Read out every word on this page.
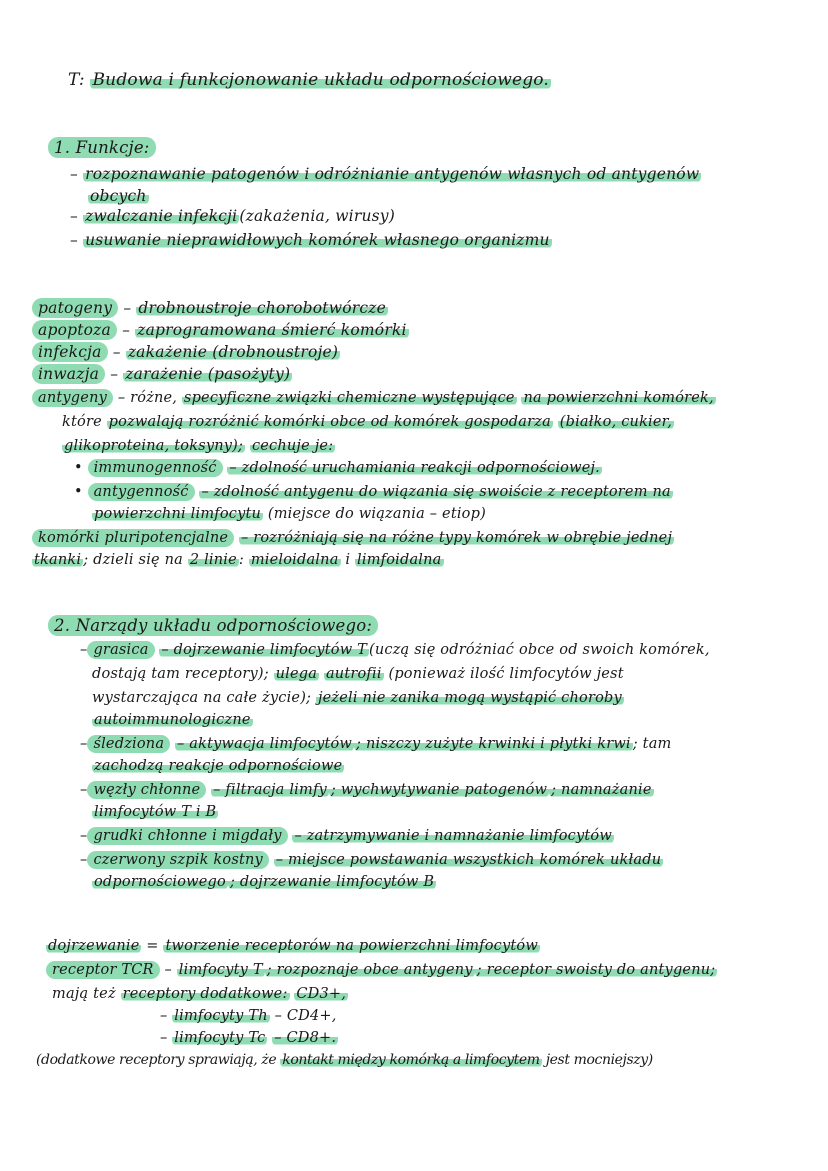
T: Budowa i funkcjonowanie układu odpornościowego.
1. Funkcje:
– rozpoznawanie patogenów i odróżnianie antygenów własnych od antygenów
obcych
– zwalczanie infekcji (zakażenia, wirusy)
– usuwanie nieprawidłowych komórek własnego organizmu
patogeny – drobnoustroje chorobotwórcze
apoptoza – zaprogramowana śmierć komórki
infekcja – zakażenie (drobnoustroje)
inwazja – zarażenie (pasożyty)
antygeny – różne, specyficzne związki chemiczne występujące na powierzchni komórek,
które pozwalają rozróżnić komórki obce od komórek gospodarza (białko, cukier,
glikoproteina, toksyny); cechuje je:
• immunogenność – zdolność uruchamiania reakcji odpornościowej.
• antygenność – zdolność antygenu do wiązania się swoiście z receptorem na
powierzchni limfocytu (miejsce do wiązania – etiop)
komórki pluripotencjalne – rozróżniają się na różne typy komórek w obrębie jednej
tkanki ; dzieli się na 2 linie : mieloidalna i limfoidalna
2. Narządy układu odpornościowego:
– grasica – dojrzewanie limfocytów T (uczą się odróżniać obce od swoich komórek,
dostają tam receptory); ulega autrofii (ponieważ ilość limfocytów jest
wystarczająca na całe życie); jeżeli nie zanika mogą wystąpić choroby
autoimmunologiczne
– śledziona – aktywacja limfocytów ; niszczy zużyte krwinki i płytki krwi ; tam
zachodzą reakcje odpornościowe
– węzły chłonne – filtracja limfy ; wychwytywanie patogenów ; namnażanie
limfocytów T i B
– grudki chłonne i migdały – zatrzymywanie i namnażanie limfocytów
– czerwony szpik kostny – miejsce powstawania wszystkich komórek układu
odpornościowego ; dojrzewanie limfocytów B
dojrzewanie = tworzenie receptorów na powierzchni limfocytów
receptor TCR – limfocyty T ; rozpoznaje obce antygeny ; receptor swoisty do antygenu;
mają też receptory dodatkowe: CD3+,
– limfocyty Th – CD4+,
– limfocyty Tc – CD8+.
(dodatkowe receptory sprawiają, że kontakt między komórką a limfocytem jest mocniejszy)
